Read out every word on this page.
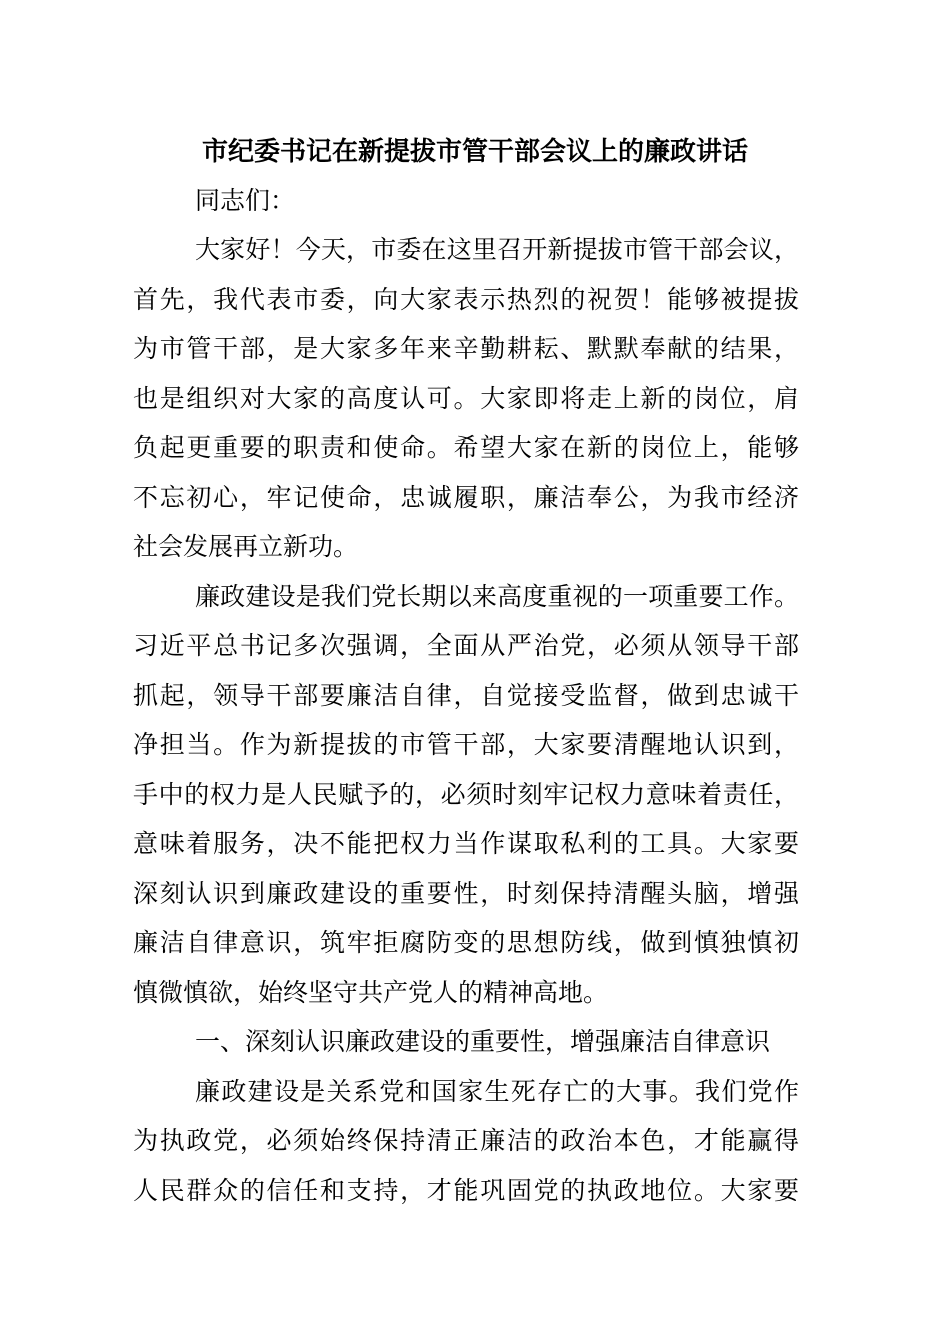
市纪委书记在新提拔市管干部会议上的廉政讲话
同志们：
大家好！今天，市委在这里召开新提拔市管干部会议，
首先，我代表市委，向大家表示热烈的祝贺！能够被提拔
为市管干部，是大家多年来辛勤耕耘、默默奉献的结果，
也是组织对大家的高度认可。大家即将走上新的岗位，肩
负起更重要的职责和使命。希望大家在新的岗位上，能够
不忘初心，牢记使命，忠诚履职，廉洁奉公，为我市经济
社会发展再立新功。
廉政建设是我们党长期以来高度重视的一项重要工作。
习近平总书记多次强调，全面从严治党，必须从领导干部
抓起，领导干部要廉洁自律，自觉接受监督，做到忠诚干
净担当。作为新提拔的市管干部，大家要清醒地认识到，
手中的权力是人民赋予的，必须时刻牢记权力意味着责任，
意味着服务，决不能把权力当作谋取私利的工具。大家要
深刻认识到廉政建设的重要性，时刻保持清醒头脑，增强
廉洁自律意识，筑牢拒腐防变的思想防线，做到慎独慎初
慎微慎欲，始终坚守共产党人的精神高地。
一、深刻认识廉政建设的重要性，增强廉洁自律意识
廉政建设是关系党和国家生死存亡的大事。我们党作
为执政党，必须始终保持清正廉洁的政治本色，才能赢得
人民群众的信任和支持，才能巩固党的执政地位。大家要
